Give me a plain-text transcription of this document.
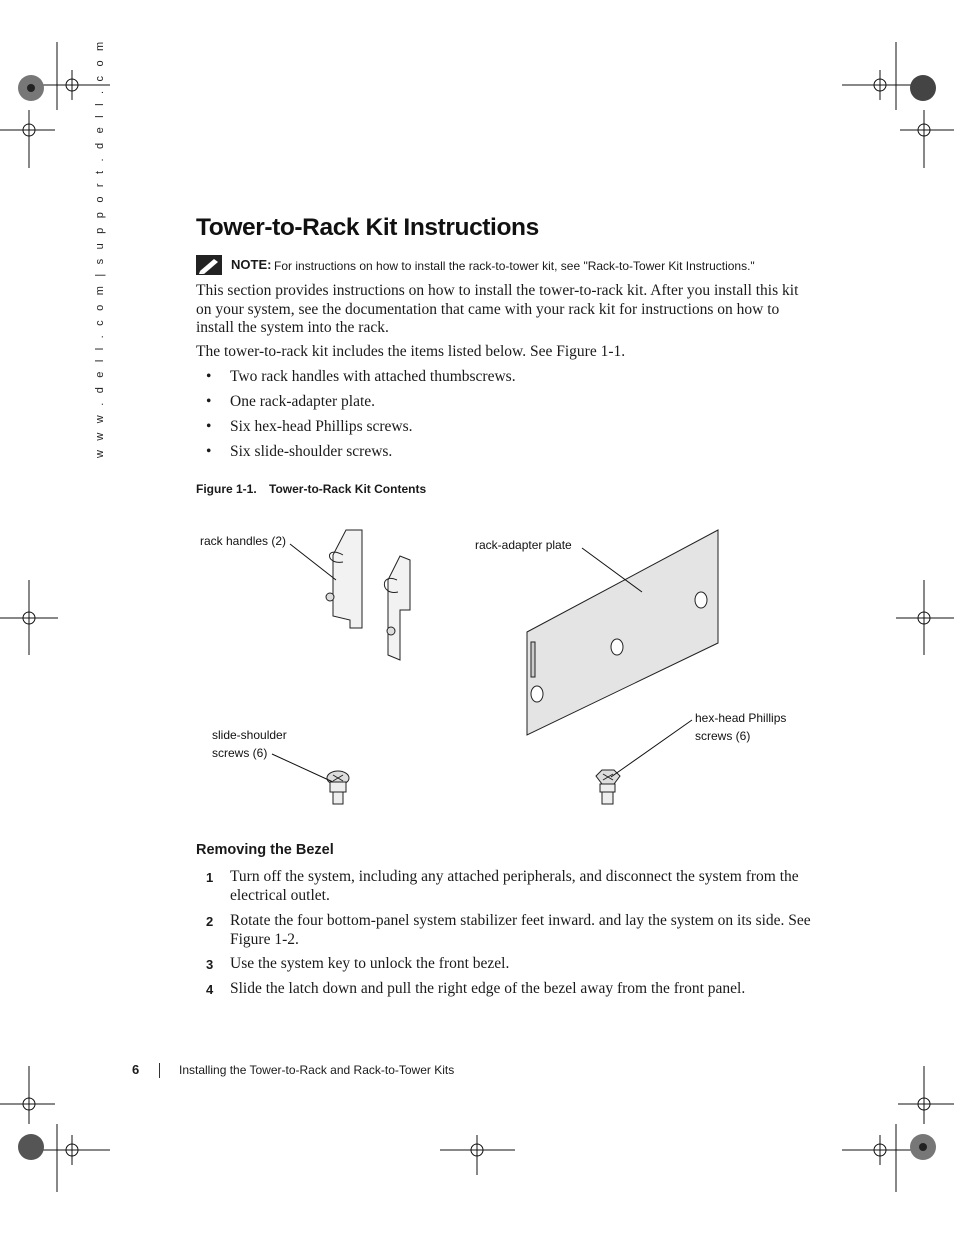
w w w . d e l l . c o m | s u p p o r t . d e l l . c o m	Tower-to-Rack Kit Instructions
NOTE: For instructions on how to install the rack-to-tower kit, see "Rack-to-Tower Kit Instructions."
This section provides instructions on how to install the tower-to-rack kit. After you install this kit on your system, see the documentation that came with your rack kit for instructions on how to install the system into the rack.
The tower-to-rack kit includes the items listed below. See Figure 1-1.
• Two rack handles with attached thumbscrews.
• One rack-adapter plate.
• Six hex-head Phillips screws.
• Six slide-shoulder screws.
Figure 1-1. Tower-to-Rack Kit Contents
rack handles (2)	rack-adapter plate
slide-shoulder
screws (6)
hex-head Phillips
screws (6)
Removing the Bezel
1 Turn off the system, including any attached peripherals, and disconnect the system from the electrical outlet.
2 Rotate the four bottom-panel system stabilizer feet inward. and lay the system on its side. See Figure 1-2.
3 Use the system key to unlock the front bezel.
4 Slide the latch down and pull the right edge of the bezel away from the front panel.
6	Installing the Tower-to-Rack and Rack-to-Tower Kits
